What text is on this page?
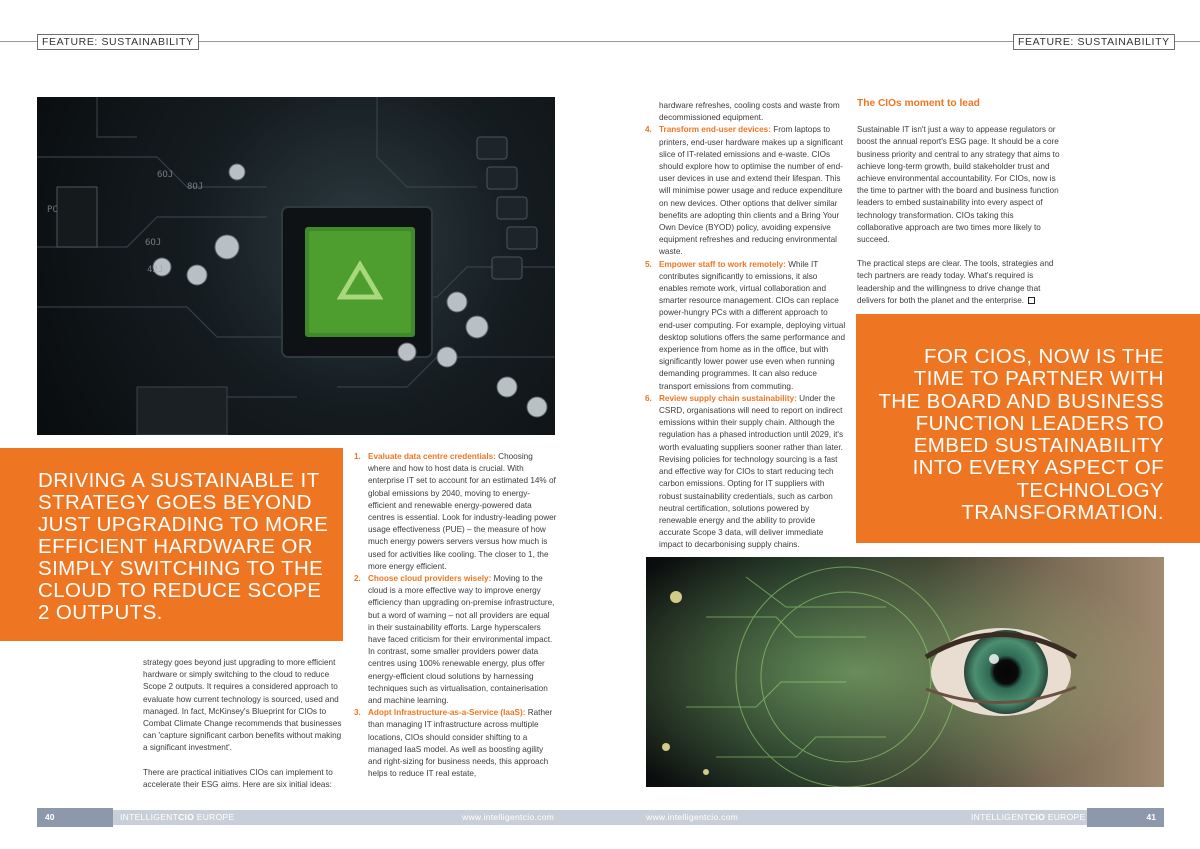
FEATURE: SUSTAINABILITY	FEATURE: SUSTAINABILITY
6OJ
8OJ
6OJ
42J
PC
DRIVING A SUSTAINABLE IT STRATEGY GOES BEYOND JUST UPGRADING TO MORE EFFICIENT HARDWARE OR SIMPLY SWITCHING TO THE CLOUD TO REDUCE SCOPE 2 OUTPUTS.

strategy goes beyond just upgrading to more efficient hardware or simply switching to the cloud to reduce Scope 2 outputs. It requires a considered approach to evaluate how current technology is sourced, used and managed. In fact, McKinsey's Blueprint for CIOs to Combat Climate Change recommends that businesses can 'capture significant carbon benefits without making a significant investment'.

There are practical initiatives CIOs can implement to accelerate their ESG aims. Here are six initial ideas:

1. Evaluate data centre credentials: Choosing where and how to host data is crucial. With enterprise IT set to account for an estimated 14% of global emissions by 2040, moving to energy-efficient and renewable energy-powered data centres is essential. Look for industry-leading power usage effectiveness (PUE) – the measure of how much energy powers servers versus how much is used for activities like cooling. The closer to 1, the more energy efficient.
2. Choose cloud providers wisely: Moving to the cloud is a more effective way to improve energy efficiency than upgrading on-premise infrastructure, but a word of warning – not all providers are equal in their sustainability efforts. Large hyperscalers have faced criticism for their environmental impact. In contrast, some smaller providers power data centres using 100% renewable energy, plus offer energy-efficient cloud solutions by harnessing techniques such as virtualisation, containerisation and machine learning.
3. Adopt Infrastructure-as-a-Service (IaaS): Rather than managing IT infrastructure across multiple locations, CIOs should consider shifting to a managed IaaS model. As well as boosting agility and right-sizing for business needs, this approach helps to reduce IT real estate,
hardware refreshes, cooling costs and waste from decommissioned equipment.
4. Transform end-user devices: From laptops to printers, end-user hardware makes up a significant slice of IT-related emissions and e-waste. CIOs should explore how to optimise the number of end-user devices in use and extend their lifespan. This will minimise power usage and reduce expenditure on new devices. Other options that deliver similar benefits are adopting thin clients and a Bring Your Own Device (BYOD) policy, avoiding expensive equipment refreshes and reducing environmental waste.
5. Empower staff to work remotely: While IT contributes significantly to emissions, it also enables remote work, virtual collaboration and smarter resource management. CIOs can replace power-hungry PCs with a different approach to end-user computing. For example, deploying virtual desktop solutions offers the same performance and experience from home as in the office, but with significantly lower power use even when running demanding programmes. It can also reduce transport emissions from commuting.
6. Review supply chain sustainability: Under the CSRD, organisations will need to report on indirect emissions within their supply chain. Although the regulation has a phased introduction until 2029, it's worth evaluating suppliers sooner rather than later. Revising policies for technology sourcing is a fast and effective way for CIOs to start reducing tech carbon emissions. Opting for IT suppliers with robust sustainability credentials, such as carbon neutral certification, solutions powered by renewable energy and the ability to provide accurate Scope 3 data, will deliver immediate impact to decarbonising supply chains.
The CIOs moment to lead

Sustainable IT isn't just a way to appease regulators or boost the annual report's ESG page. It should be a core business priority and central to any strategy that aims to achieve long-term growth, build stakeholder trust and achieve environmental accountability. For CIOs, now is the time to partner with the board and business function leaders to embed sustainability into every aspect of technology transformation. CIOs taking this collaborative approach are two times more likely to succeed.

The practical steps are clear. The tools, strategies and tech partners are ready today. What's required is leadership and the willingness to drive change that delivers for both the planet and the enterprise.

FOR CIOS, NOW IS THE TIME TO PARTNER WITH THE BOARD AND BUSINESS FUNCTION LEADERS TO EMBED SUSTAINABILITY INTO EVERY ASPECT OF TECHNOLOGY TRANSFORMATION.
40	INTELLIGENTCIO EUROPE	www.intelligentcio.com	www.intelligentcio.com	INTELLIGENTCIO EUROPE	41
